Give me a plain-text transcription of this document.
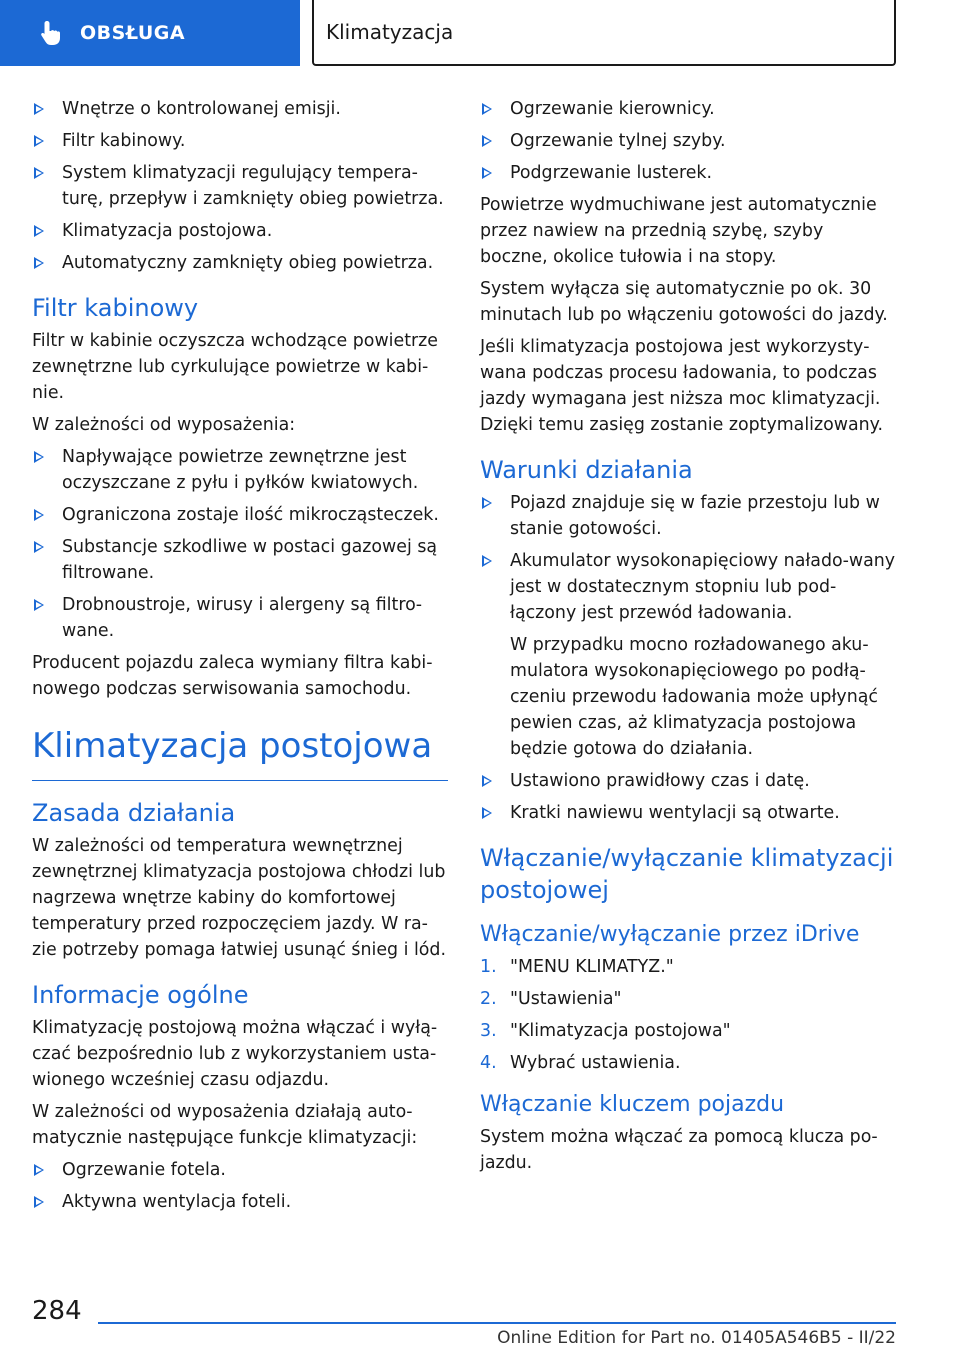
OBSŁUGA	Klimatyzacja
Wnętrze o kontrolowanej emisji.
Filtr kabinowy.
System klimatyzacji regulujący tempera‐turę, przepływ i zamknięty obieg powietrza.
Klimatyzacja postojowa.
Automatyczny zamknięty obieg powietrza.
Filtr kabinowy

Filtr w kabinie oczyszcza wchodzące powietrze zewnętrzne lub cyrkulujące powietrze w kabi‐nie.

W zależności od wyposażenia:

Napływające powietrze zewnętrzne jest oczyszczane z pyłu i pyłków kwiatowych.
Ograniczona zostaje ilość mikrocząsteczek.
Substancje szkodliwe w postaci gazowej są filtrowane.
Drobnoustroje, wirusy i alergeny są filtro‐wane.

Producent pojazdu zaleca wymiany filtra kabi‐nowego podczas serwisowania samochodu.

Klimatyzacja postojowa
Zasada działania

W zależności od temperatura wewnętrznej zewnętrznej klimatyzacja postojowa chłodzi lub nagrzewa wnętrze kabiny do komfortowej temperatury przed rozpoczęciem jazdy. W ra‐zie potrzeby pomaga łatwiej usunąć śnieg i lód.

Informacje ogólne

Klimatyzację postojową można włączać i wyłą‐czać bezpośrednio lub z wykorzystaniem usta‐wionego wcześniej czasu odjazdu.

W zależności od wyposażenia działają auto‐matycznie następujące funkcje klimatyzacji:

Ogrzewanie fotela.
Aktywna wentylacja foteli.
Ogrzewanie kierownicy.
Ogrzewanie tylnej szyby.
Podgrzewanie lusterek.

Powietrze wydmuchiwane jest automatycznie przez nawiew na przednią szybę, szyby boczne, okolice tułowia i na stopy.

System wyłącza się automatycznie po ok. 30 minutach lub po włączeniu gotowości do jazdy.

Jeśli klimatyzacja postojowa jest wykorzysty‐wana podczas procesu ładowania, to podczas jazdy wymagana jest niższa moc klimatyzacji. Dzięki temu zasięg zostanie zoptymalizowany.

Warunki działania
Pojazd znajduje się w fazie przestoju lub w stanie gotowości.
Akumulator wysokonapięciowy nałado‐wany jest w dostatecznym stopniu lub pod‐łączony jest przewód ładowania.

W przypadku mocno rozładowanego aku‐mulatora wysokonapięciowego po podłą‐czeniu przewodu ładowania może upłynąć pewien czas, aż klimatyzacja postojowa będzie gotowa do działania.

Ustawiono prawidłowy czas i datę.
Kratki nawiewu wentylacji są otwarte.
Włączanie/wyłączanie klimatyzacji postojowej
Włączanie/wyłączanie przez iDrive
1. "MENU KLIMATYZ."
2. "Ustawienia"
3. "Klimatyzacja postojowa"
4. Wybrać ustawienia.
Włączanie kluczem pojazdu

System można włączać za pomocą klucza po‐jazdu.

284
Online Edition for Part no. 01405A546B5 - II/22
